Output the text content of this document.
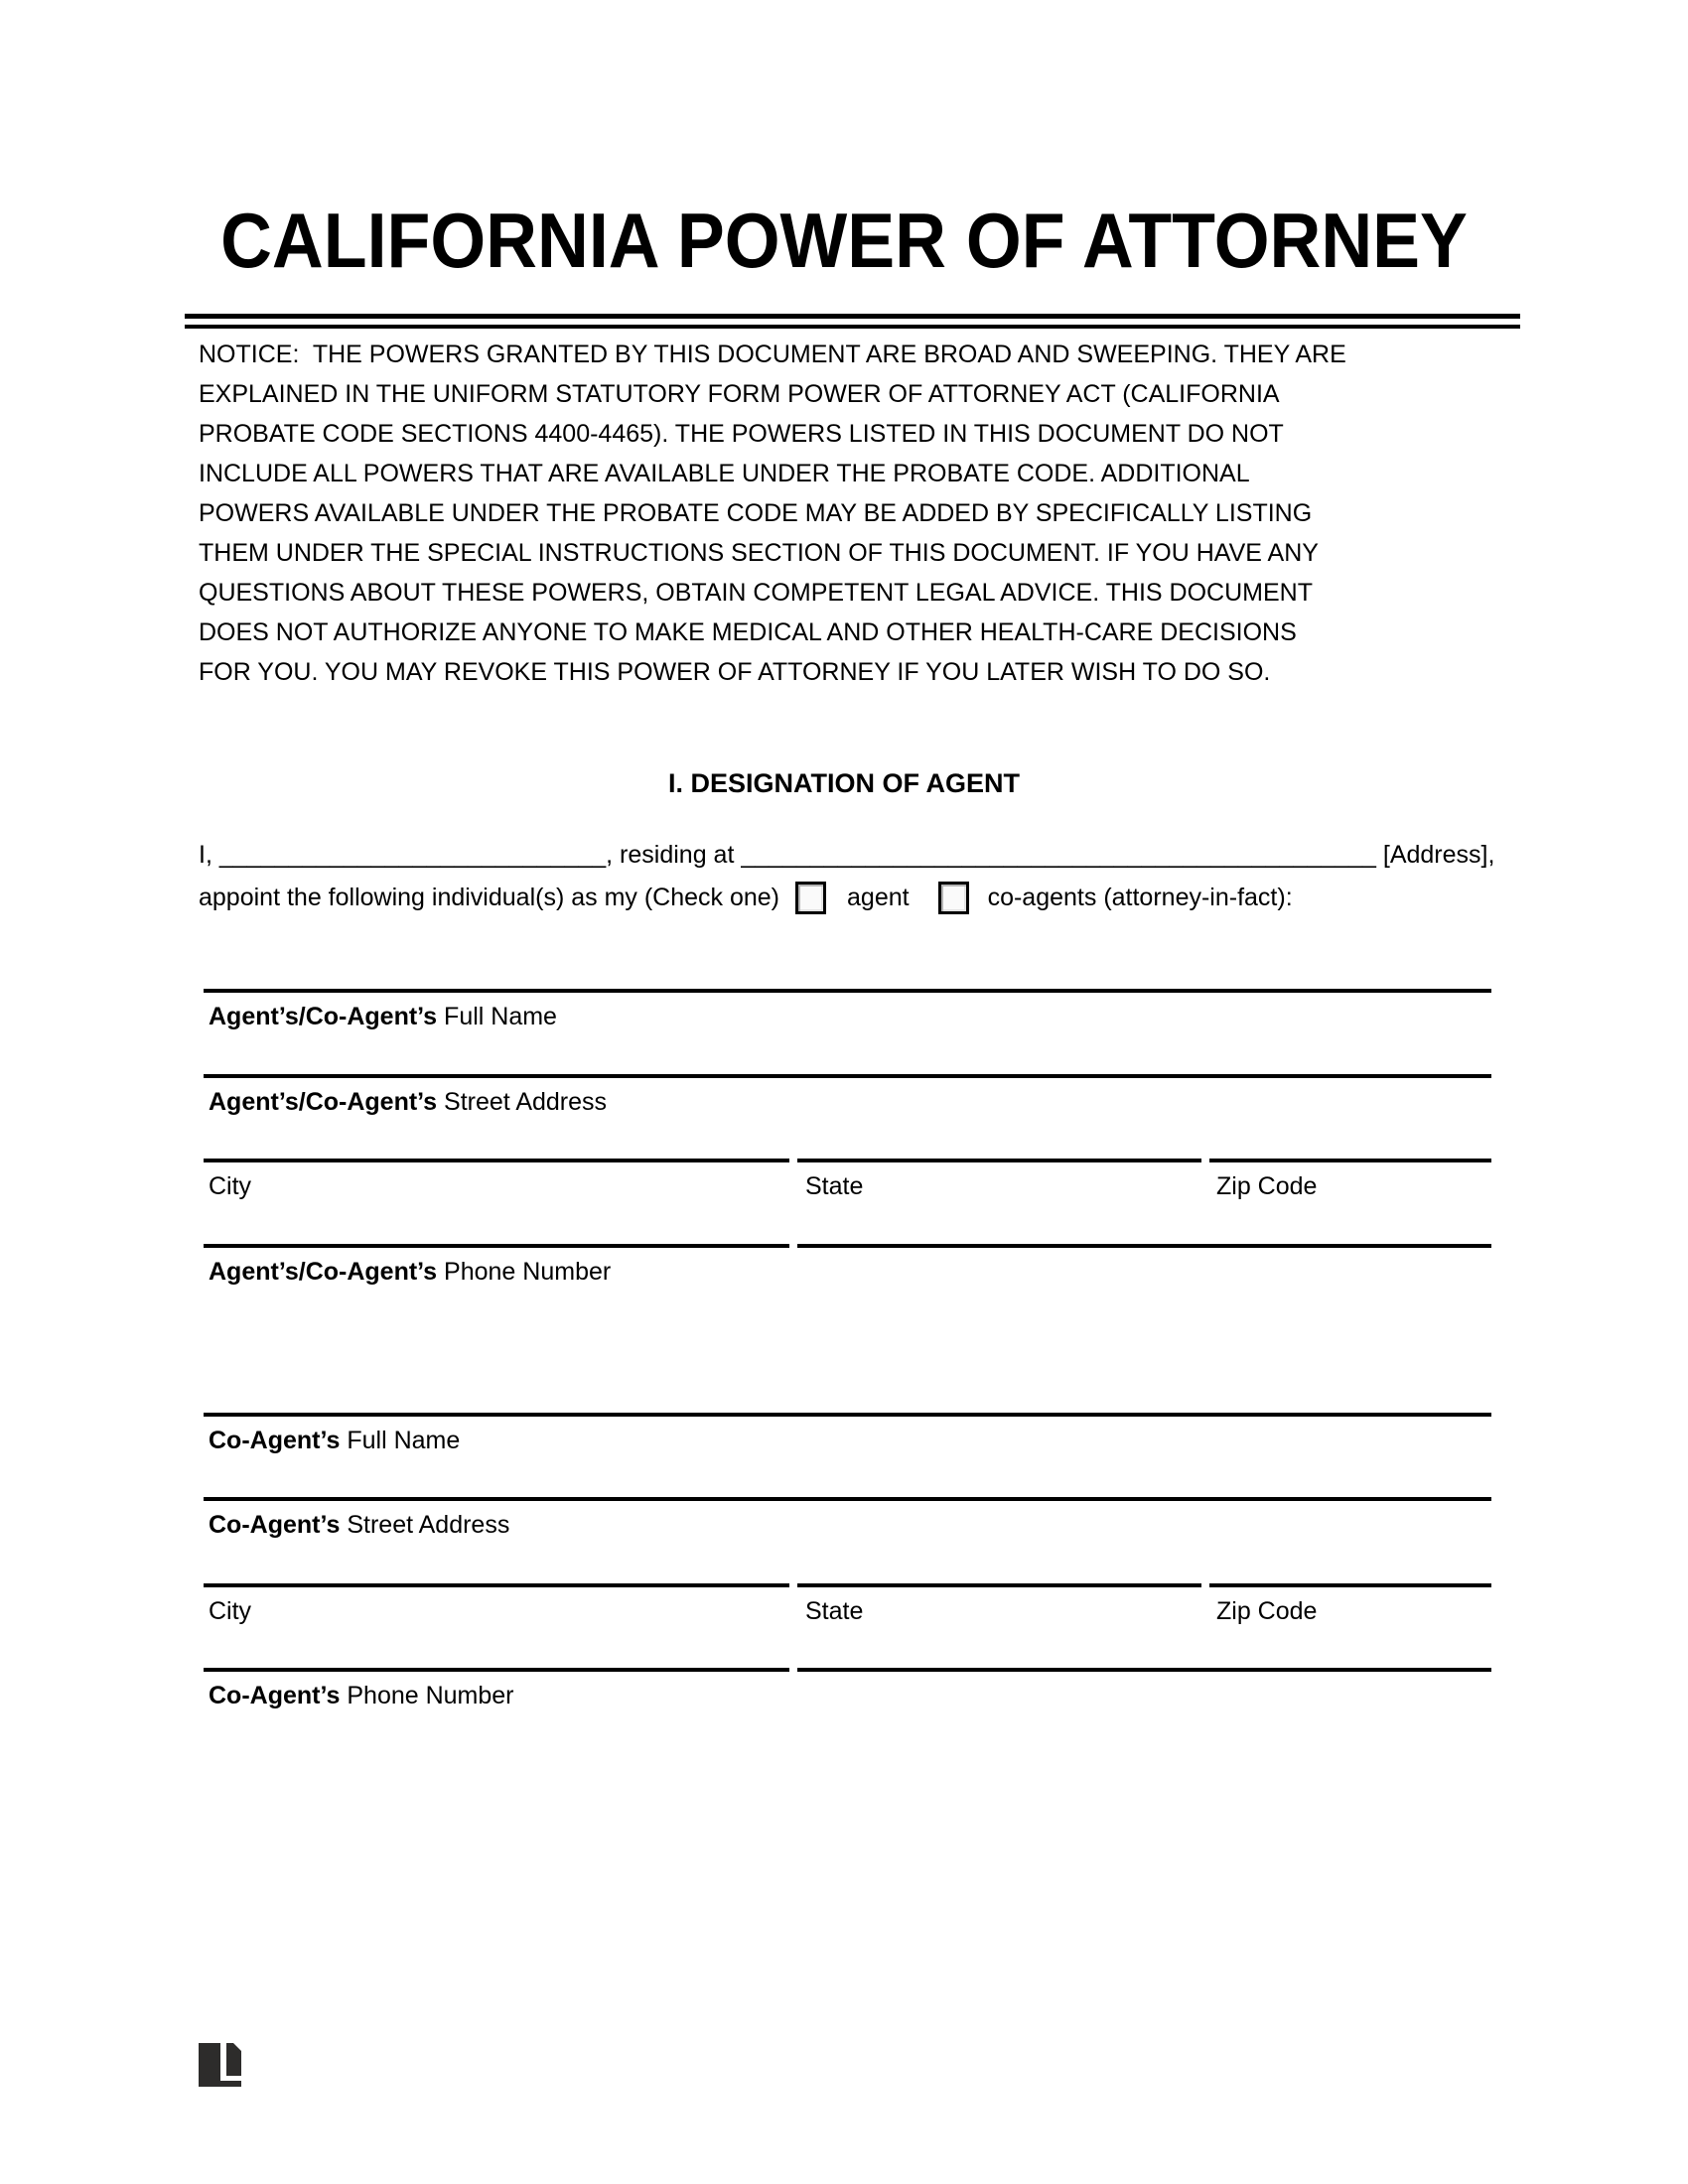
CALIFORNIA POWER OF ATTORNEY
NOTICE:  THE POWERS GRANTED BY THIS DOCUMENT ARE BROAD AND SWEEPING. THEY ARE
EXPLAINED IN THE UNIFORM STATUTORY FORM POWER OF ATTORNEY ACT (CALIFORNIA
PROBATE CODE SECTIONS 4400-4465). THE POWERS LISTED IN THIS DOCUMENT DO NOT
INCLUDE ALL POWERS THAT ARE AVAILABLE UNDER THE PROBATE CODE. ADDITIONAL
POWERS AVAILABLE UNDER THE PROBATE CODE MAY BE ADDED BY SPECIFICALLY LISTING
THEM UNDER THE SPECIAL INSTRUCTIONS SECTION OF THIS DOCUMENT. IF YOU HAVE ANY
QUESTIONS ABOUT THESE POWERS, OBTAIN COMPETENT LEGAL ADVICE. THIS DOCUMENT
DOES NOT AUTHORIZE ANYONE TO MAKE MEDICAL AND OTHER HEALTH-CARE DECISIONS
FOR YOU. YOU MAY REVOKE THIS POWER OF ATTORNEY IF YOU LATER WISH TO DO SO.
I. DESIGNATION OF AGENT
I, ____________________________, residing at ______________________________________________ [Address],
appoint the following individual(s) as my (Check one)	agent	co-agents (attorney-in-fact):
Agent’s/Co-Agent’s Full Name
Agent’s/Co-Agent’s Street Address
City	State	Zip Code
Agent’s/Co-Agent’s Phone Number
Co-Agent’s Full Name
Co-Agent’s Street Address
City	State	Zip Code
Co-Agent’s Phone Number
